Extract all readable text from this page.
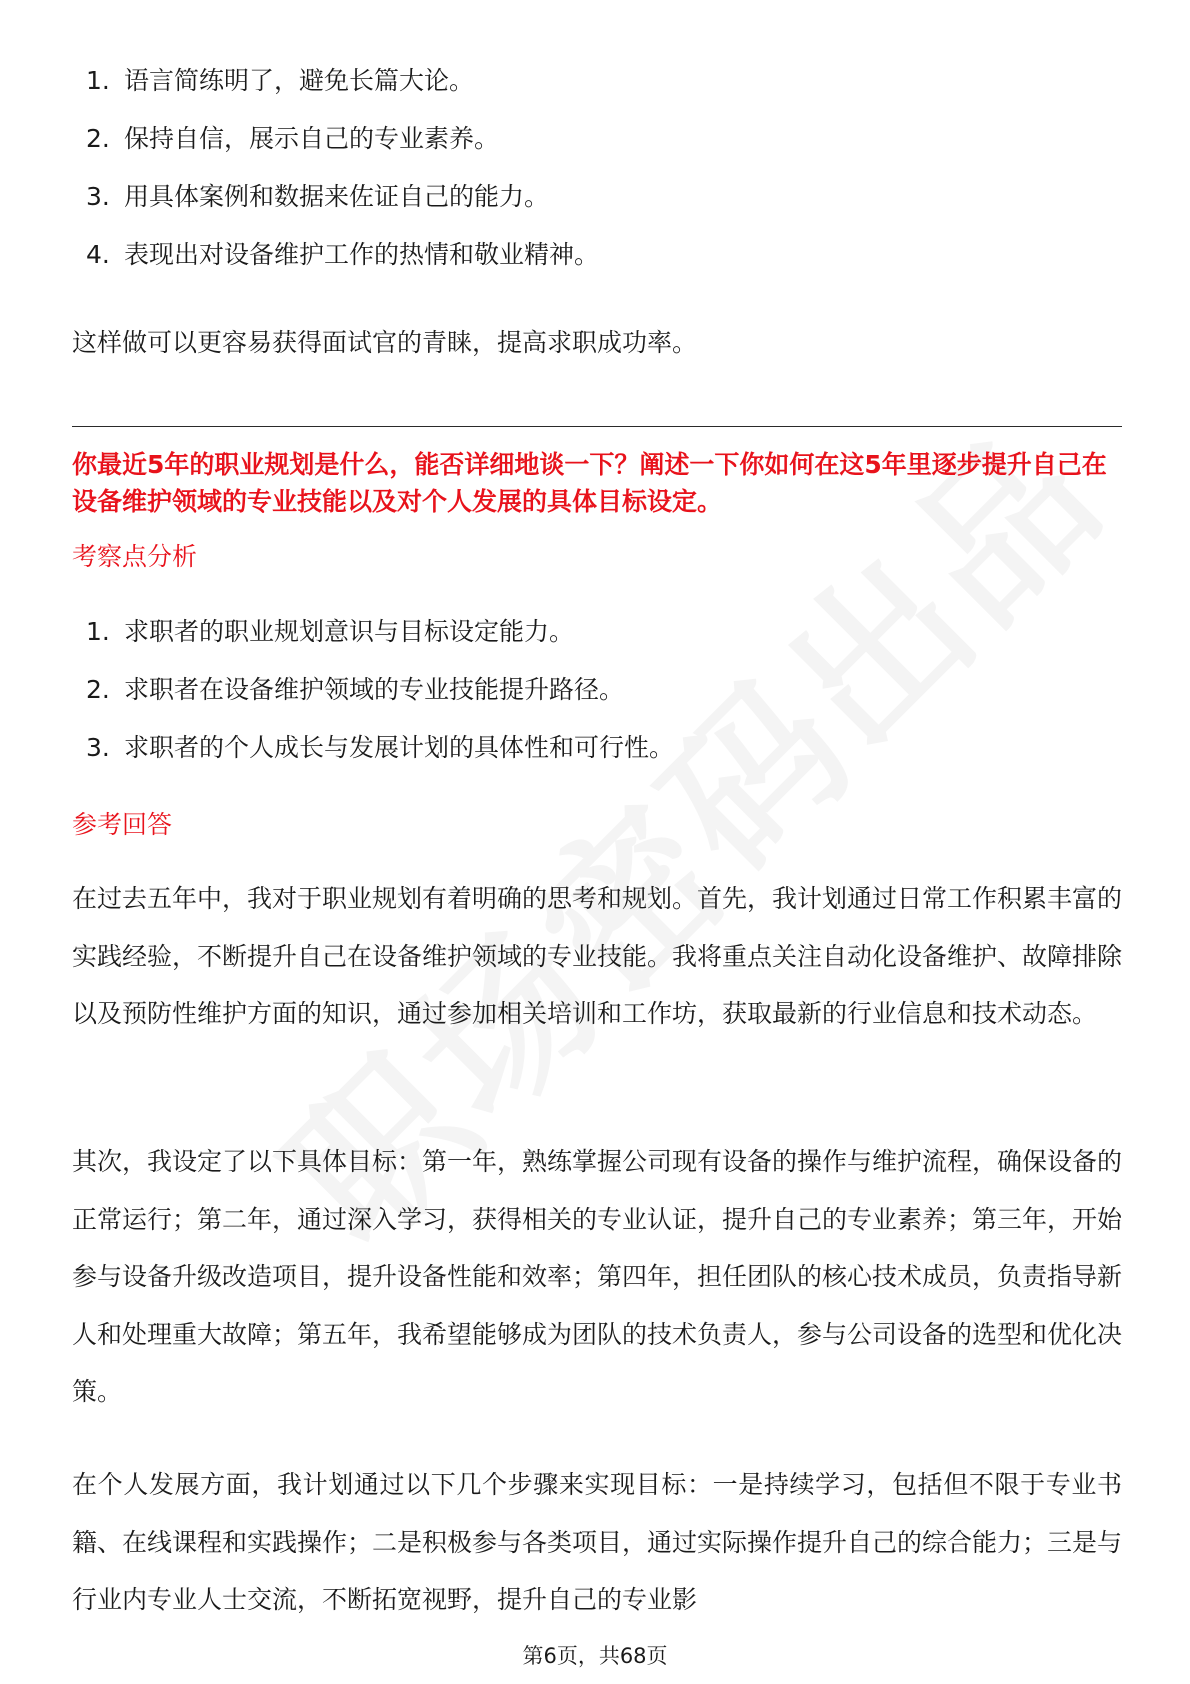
1. 语言简练明了，避免长篇大论。
2. 保持自信，展示自己的专业素养。
3. 用具体案例和数据来佐证自己的能力。
4. 表现出对设备维护工作的热情和敬业精神。
这样做可以更容易获得面试官的青睐，提高求职成功率。
你最近5年的职业规划是什么，能否详细地谈一下？阐述一下你如何在这5年里逐步提升自己在设备维护领域的专业技能以及对个人发展的具体目标设定。
考察点分析
1. 求职者的职业规划意识与目标设定能力。
2. 求职者在设备维护领域的专业技能提升路径。
3. 求职者的个人成长与发展计划的具体性和可行性。
参考回答

在过去五年中，我对于职业规划有着明确的思考和规划。首先，我计划通过日常工作积累丰富的实践经验，不断提升自己在设备维护领域的专业技能。我将重点关注自动化设备维护、故障排除以及预防性维护方面的知识，通过参加相关培训和工作坊，获取最新的行业信息和技术动态。

其次，我设定了以下具体目标：第一年，熟练掌握公司现有设备的操作与维护流程，确保设备的正常运行；第二年，通过深入学习，获得相关的专业认证，提升自己的专业素养；第三年，开始参与设备升级改造项目，提升设备性能和效率；第四年，担任团队的核心技术成员，负责指导新人和处理重大故障；第五年，我希望能够成为团队的技术负责人，参与公司设备的选型和优化决策。

在个人发展方面，我计划通过以下几个步骤来实现目标：一是持续学习，包括但不限于专业书籍、在线课程和实践操作；二是积极参与各类项目，通过实际操作提升自己的综合能力；三是与行业内专业人士交流，不断拓宽视野，提升自己的专业影

第6页，共68页
